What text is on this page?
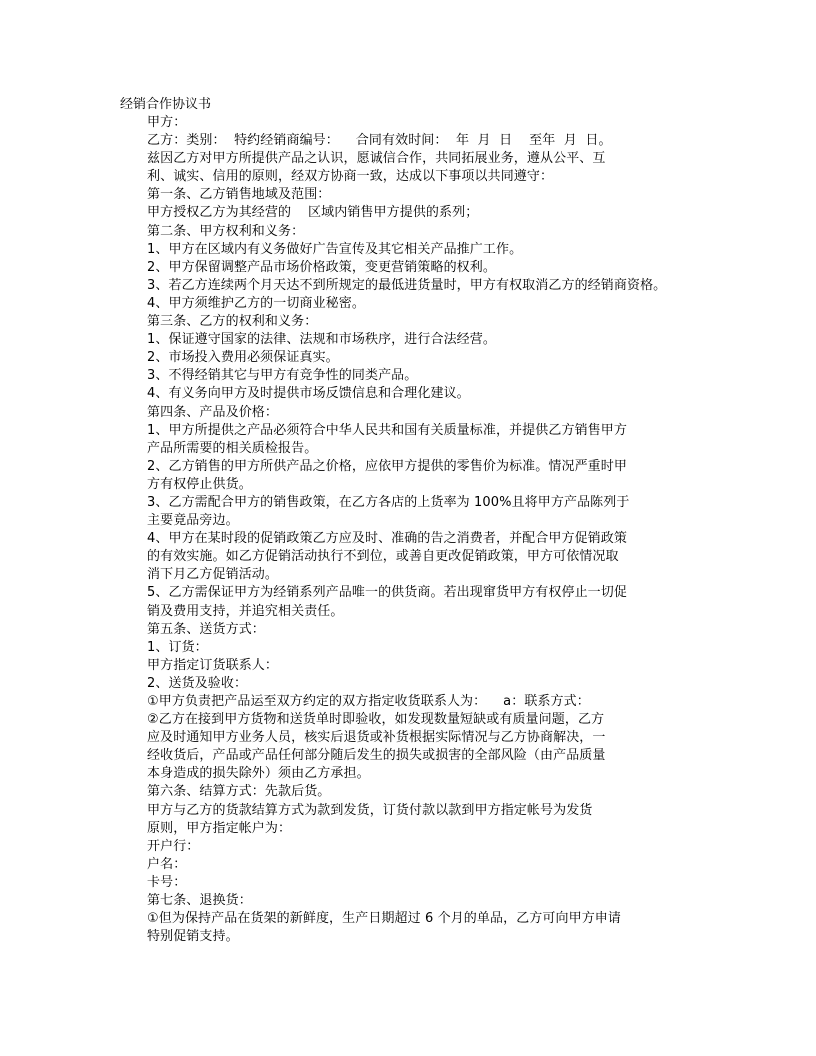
经销合作协议书
甲方：
乙方：类别：  特约经销商编号：    合同有效时间：  年  月  日    至年  月  日。
兹因乙方对甲方所提供产品之认识，愿诚信合作，共同拓展业务，遵从公平、互
利、诚实、信用的原则，经双方协商一致，达成以下事项以共同遵守：
第一条、乙方销售地域及范围：
甲方授权乙方为其经营的    区域内销售甲方提供的系列；
第二条、甲方权利和义务：
1、甲方在区域内有义务做好广告宣传及其它相关产品推广工作。
2、甲方保留调整产品市场价格政策，变更营销策略的权利。
3、若乙方连续两个月天达不到所规定的最低进货量时，甲方有权取消乙方的经销商资格。
4、甲方须维护乙方的一切商业秘密。
第三条、乙方的权利和义务：
1、保证遵守国家的法律、法规和市场秩序，进行合法经营。
2、市场投入费用必须保证真实。
3、不得经销其它与甲方有竞争性的同类产品。
4、有义务向甲方及时提供市场反馈信息和合理化建议。
第四条、产品及价格：
1、甲方所提供之产品必须符合中华人民共和国有关质量标准，并提供乙方销售甲方
产品所需要的相关质检报告。
2、乙方销售的甲方所供产品之价格，应依甲方提供的零售价为标准。情况严重时甲
方有权停止供货。
3、乙方需配合甲方的销售政策，在乙方各店的上货率为 100%且将甲方产品陈列于
主要竟品旁边。
4、甲方在某时段的促销政策乙方应及时、准确的告之消费者，并配合甲方促销政策
的有效实施。如乙方促销活动执行不到位，或善自更改促销政策，甲方可依情况取
消下月乙方促销活动。
5、乙方需保证甲方为经销系列产品唯一的供货商。若出现窜货甲方有权停止一切促
销及费用支持，并追究相关责任。
第五条、送货方式：
1、订货：
甲方指定订货联系人：
2、送货及验收：
①甲方负责把产品运至双方约定的双方指定收货联系人为：    a：联系方式：
②乙方在接到甲方货物和送货单时即验收，如发现数量短缺或有质量问题，乙方
应及时通知甲方业务人员，核实后退货或补货根据实际情况与乙方协商解决，一
经收货后，产品或产品任何部分随后发生的损失或损害的全部风险（由产品质量
本身造成的损失除外）须由乙方承担。
第六条、结算方式：先款后货。
甲方与乙方的货款结算方式为款到发货，订货付款以款到甲方指定帐号为发货
原则，甲方指定帐户为：
开户行：
户名：
卡号：
第七条、退换货：
①但为保持产品在货架的新鲜度，生产日期超过 6 个月的单品，乙方可向甲方申请
特别促销支持。
